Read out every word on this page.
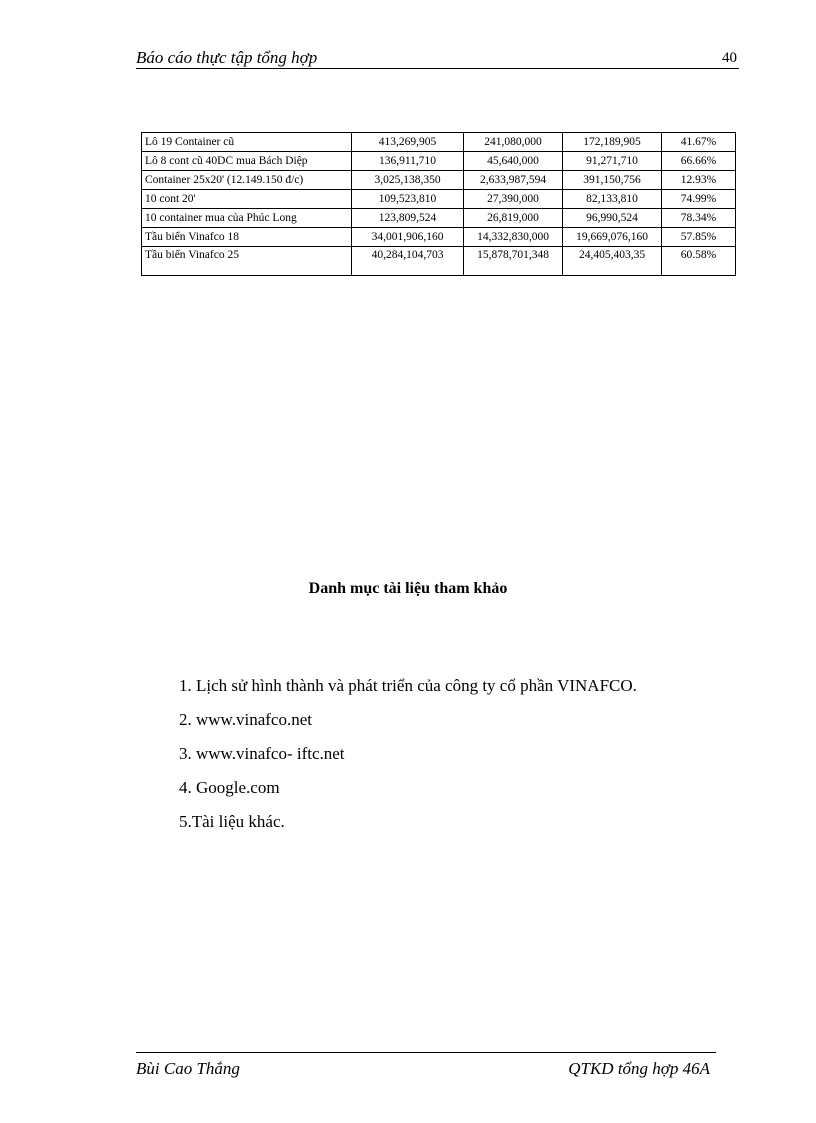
Báo cáo thực tập tổng hợp	40
Lô 19 Container cũ	413,269,905	241,080,000	172,189,905	41.67%
Lô 8 cont cũ 40DC mua Bách Diệp	136,911,710	45,640,000	91,271,710	66.66%
Container 25x20' (12.149.150 đ/c)	3,025,138,350	2,633,987,594	391,150,756	12.93%
10 cont 20'	109,523,810	27,390,000	82,133,810	74.99%
10 container mua của Phúc Long	123,809,524	26,819,000	96,990,524	78.34%
Tầu biển Vinafco 18	34,001,906,160	14,332,830,000	19,669,076,160	57.85%
Tầu biển Vinafco 25	40,284,104,703	15,878,701,348	24,405,403,35	60.58%
Danh mục tài liệu tham khảo
1. Lịch sử hình thành và phát triển của công ty cổ phần VINAFCO.
2. www.vinafco.net
3. www.vinafco- iftc.net
4. Google.com
5.Tài liệu khác.
Bùi Cao Thắng	QTKD tổng hợp 46A
